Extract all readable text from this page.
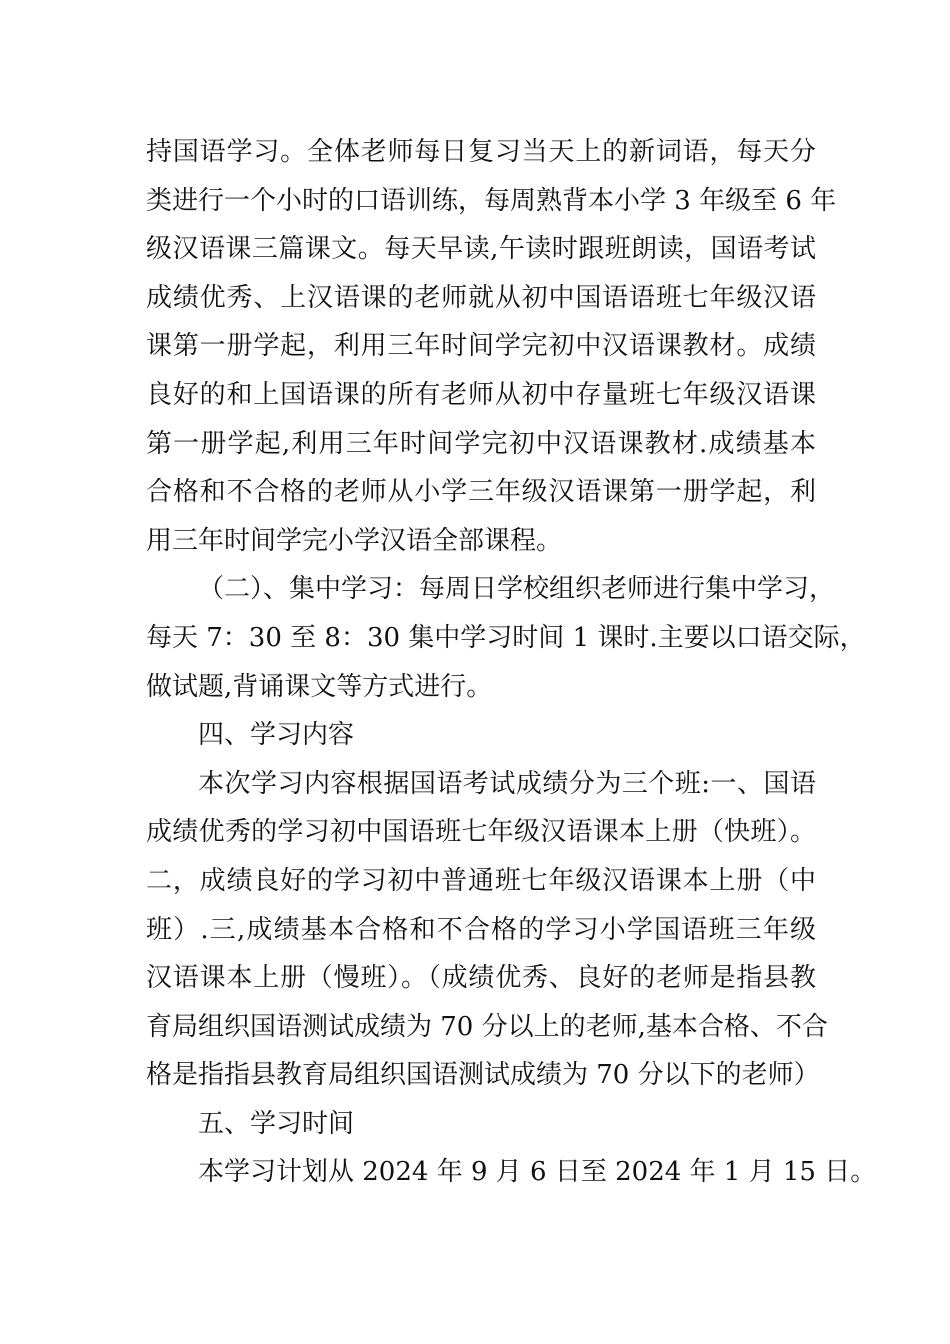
持国语学习。全体老师每日复习当天上的新词语，每天分
类进行一个小时的口语训练，每周熟背本小学 3 年级至 6 年
级汉语课三篇课文。每天早读,午读时跟班朗读，国语考试
成绩优秀、上汉语课的老师就从初中国语语班七年级汉语
课第一册学起，利用三年时间学完初中汉语课教材。成绩
良好的和上国语课的所有老师从初中存量班七年级汉语课
第一册学起,利用三年时间学完初中汉语课教材.成绩基本
合格和不合格的老师从小学三年级汉语课第一册学起，利
用三年时间学完小学汉语全部课程。
（二）、集中学习：每周日学校组织老师进行集中学习，
每天 7：30 至 8：30 集中学习时间 1 课时.主要以口语交际，
做试题,背诵课文等方式进行。
四、学习内容
本次学习内容根据国语考试成绩分为三个班:一、国语
成绩优秀的学习初中国语班七年级汉语课本上册（快班）。
二，成绩良好的学习初中普通班七年级汉语课本上册（中
班）.三,成绩基本合格和不合格的学习小学国语班三年级
汉语课本上册（慢班）。（成绩优秀、良好的老师是指县教
育局组织国语测试成绩为 70 分以上的老师,基本合格、不合
格是指指县教育局组织国语测试成绩为 70 分以下的老师）
五、学习时间
本学习计划从 2024 年 9 月 6 日至 2024 年 1 月 15 日。
